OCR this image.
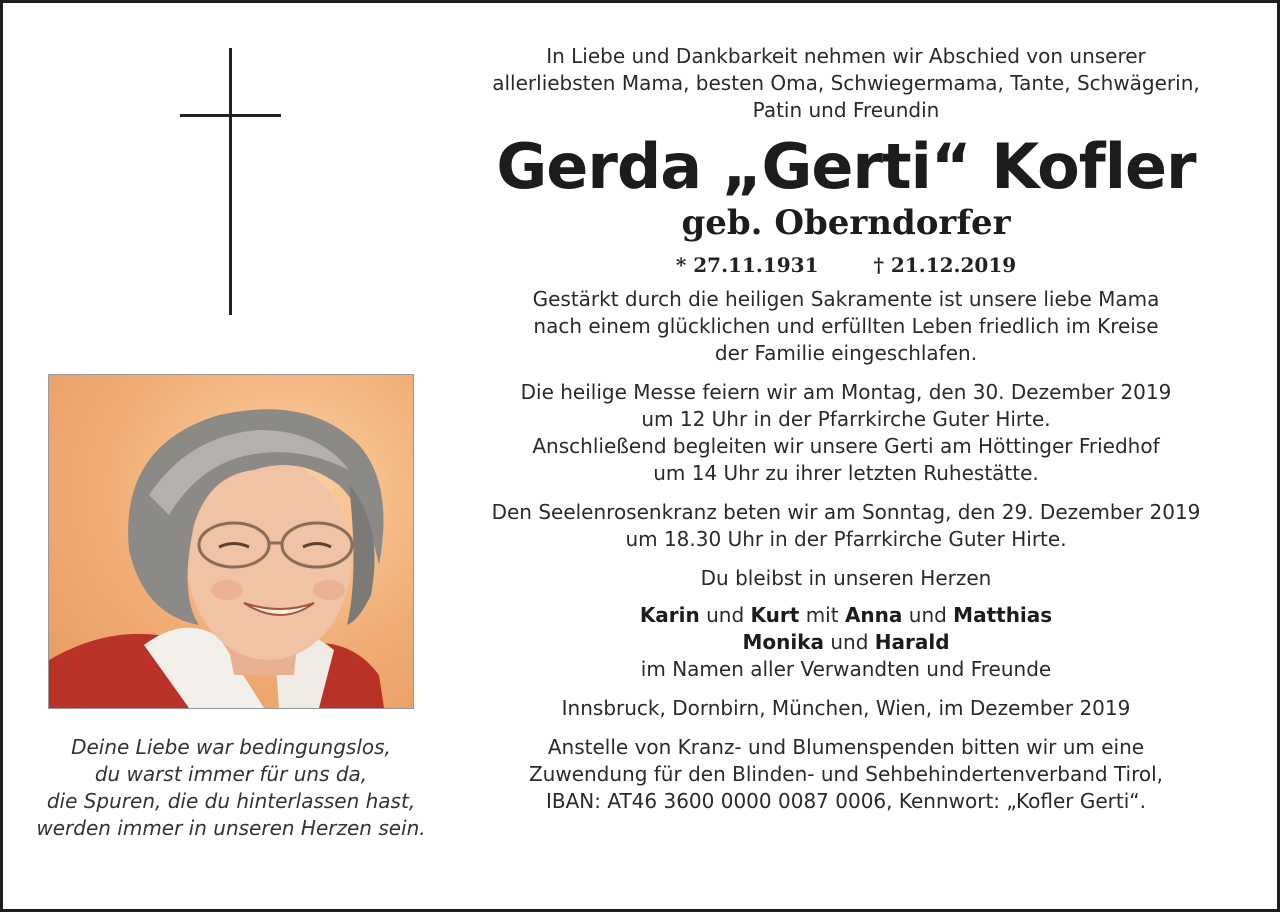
Deine Liebe war bedingungslos,
du warst immer für uns da,
die Spuren, die du hinterlassen hast,
werden immer in unseren Herzen sein.
In Liebe und Dankbarkeit nehmen wir Abschied von unserer
allerliebsten Mama, besten Oma, Schwiegermama, Tante, Schwägerin,
Patin und Freundin
Gerda „Gerti“ Kofler
geb. Oberndorfer
* 27.11.1931	† 21.12.2019
Gestärkt durch die heiligen Sakramente ist unsere liebe Mama
nach einem glücklichen und erfüllten Leben friedlich im Kreise
der Familie eingeschlafen.
Die heilige Messe feiern wir am Montag, den 30. Dezember 2019
um 12 Uhr in der Pfarrkirche Guter Hirte.
Anschließend begleiten wir unsere Gerti am Höttinger Friedhof
um 14 Uhr zu ihrer letzten Ruhestätte.
Den Seelenrosenkranz beten wir am Sonntag, den 29. Dezember 2019
um 18.30 Uhr in der Pfarrkirche Guter Hirte.
Du bleibst in unseren Herzen
Karin und Kurt mit Anna und Matthias
Monika und Harald
im Namen aller Verwandten und Freunde
Innsbruck, Dornbirn, München, Wien, im Dezember 2019
Anstelle von Kranz- und Blumenspenden bitten wir um eine
Zuwendung für den Blinden- und Sehbehindertenverband Tirol,
IBAN: AT46 3600 0000 0087 0006, Kennwort: „Kofler Gerti“.
